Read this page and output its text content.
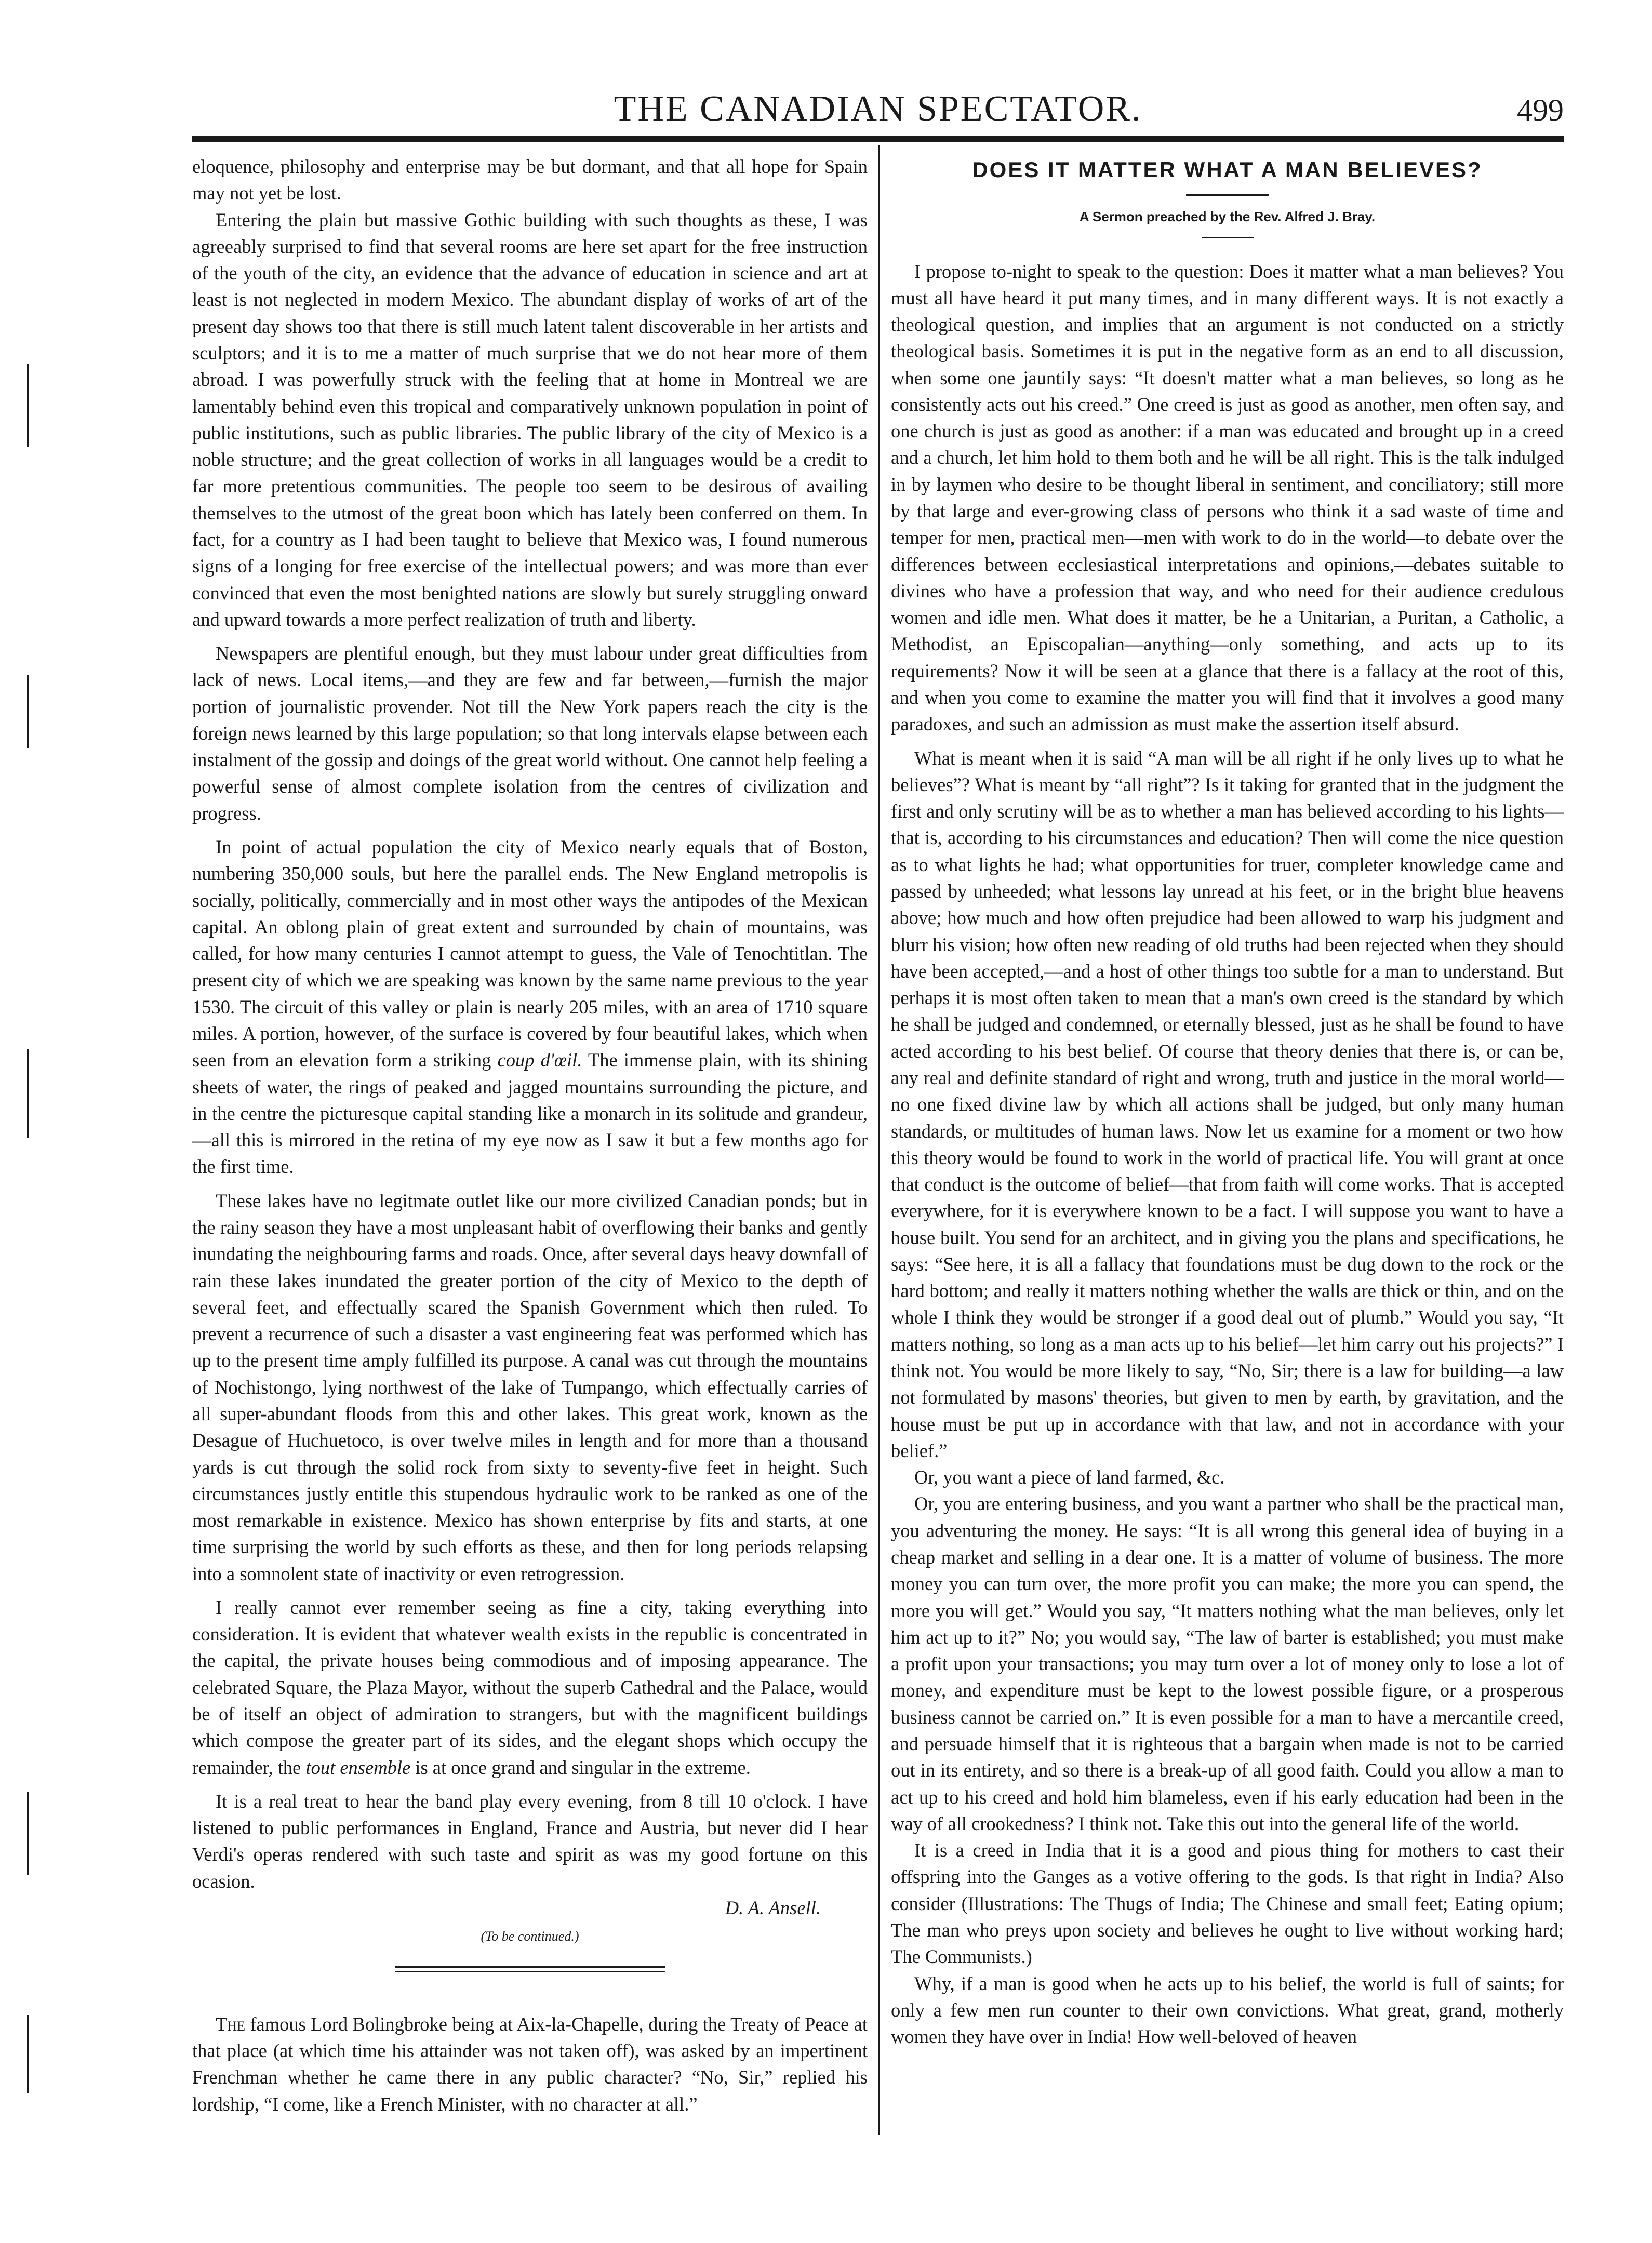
THE CANADIAN SPECTATOR.	499

eloquence, philosophy and enterprise may be but dormant, and that all hope for Spain may not yet be lost.

Entering the plain but massive Gothic building with such thoughts as these, I was agreeably surprised to find that several rooms are here set apart for the free instruction of the youth of the city, an evidence that the advance of education in science and art at least is not neglected in modern Mexico. The abundant display of works of art of the present day shows too that there is still much latent talent discoverable in her artists and sculptors; and it is to me a matter of much surprise that we do not hear more of them abroad. I was powerfully struck with the feeling that at home in Montreal we are lamentably behind even this tropical and comparatively unknown population in point of public institutions, such as public libraries. The public library of the city of Mexico is a noble structure; and the great collection of works in all languages would be a credit to far more pretentious communities. The people too seem to be desirous of availing themselves to the utmost of the great boon which has lately been conferred on them. In fact, for a country as I had been taught to believe that Mexico was, I found numerous signs of a longing for free exercise of the intellectual powers; and was more than ever convinced that even the most benighted nations are slowly but surely struggling onward and upward towards a more perfect realization of truth and liberty.

Newspapers are plentiful enough, but they must labour under great difficulties from lack of news. Local items,—and they are few and far between,—furnish the major portion of journalistic provender. Not till the New York papers reach the city is the foreign news learned by this large population; so that long intervals elapse between each instalment of the gossip and doings of the great world without. One cannot help feeling a powerful sense of almost complete isolation from the centres of civilization and progress.

In point of actual population the city of Mexico nearly equals that of Boston, numbering 350,000 souls, but here the parallel ends. The New England metropolis is socially, politically, commercially and in most other ways the antipodes of the Mexican capital. An oblong plain of great extent and surrounded by chain of mountains, was called, for how many centuries I cannot attempt to guess, the Vale of Tenochtitlan. The present city of which we are speaking was known by the same name previous to the year 1530. The circuit of this valley or plain is nearly 205 miles, with an area of 1710 square miles. A portion, however, of the surface is covered by four beautiful lakes, which when seen from an elevation form a striking coup d'œil. The immense plain, with its shining sheets of water, the rings of peaked and jagged mountains surrounding the picture, and in the centre the picturesque capital standing like a monarch in its solitude and grandeur,—all this is mirrored in the retina of my eye now as I saw it but a few months ago for the first time.

These lakes have no legitmate outlet like our more civilized Canadian ponds; but in the rainy season they have a most unpleasant habit of overflowing their banks and gently inundating the neighbouring farms and roads. Once, after several days heavy downfall of rain these lakes inundated the greater portion of the city of Mexico to the depth of several feet, and effectually scared the Spanish Government which then ruled. To prevent a recurrence of such a disaster a vast engineering feat was performed which has up to the present time amply fulfilled its purpose. A canal was cut through the mountains of Nochistongo, lying northwest of the lake of Tumpango, which effectually carries of all super-abundant floods from this and other lakes. This great work, known as the Desague of Huchuetoco, is over twelve miles in length and for more than a thousand yards is cut through the solid rock from sixty to seventy-five feet in height. Such circumstances justly entitle this stupendous hydraulic work to be ranked as one of the most remarkable in existence. Mexico has shown enterprise by fits and starts, at one time surprising the world by such efforts as these, and then for long periods relapsing into a somnolent state of inactivity or even retrogression.

I really cannot ever remember seeing as fine a city, taking everything into consideration. It is evident that whatever wealth exists in the republic is concentrated in the capital, the private houses being commodious and of imposing appearance. The celebrated Square, the Plaza Mayor, without the superb Cathedral and the Palace, would be of itself an object of admiration to strangers, but with the magnificent buildings which compose the greater part of its sides, and the elegant shops which occupy the remainder, the tout ensemble is at once grand and singular in the extreme.

It is a real treat to hear the band play every evening, from 8 till 10 o'clock. I have listened to public performances in England, France and Austria, but never did I hear Verdi's operas rendered with such taste and spirit as was my good fortune on this ocasion.

D. A. Ansell.
(To be continued.)

The famous Lord Bolingbroke being at Aix-la-Chapelle, during the Treaty of Peace at that place (at which time his attainder was not taken off), was asked by an impertinent Frenchman whether he came there in any public character? “No, Sir,” replied his lordship, “I come, like a French Minister, with no character at all.”

DOES IT MATTER WHAT A MAN BELIEVES?
A Sermon preached by the Rev. Alfred J. Bray.

I propose to-night to speak to the question: Does it matter what a man believes? You must all have heard it put many times, and in many different ways. It is not exactly a theological question, and implies that an argument is not conducted on a strictly theological basis. Sometimes it is put in the negative form as an end to all discussion, when some one jauntily says: “It doesn't matter what a man believes, so long as he consistently acts out his creed.” One creed is just as good as another, men often say, and one church is just as good as another: if a man was educated and brought up in a creed and a church, let him hold to them both and he will be all right. This is the talk indulged in by laymen who desire to be thought liberal in sentiment, and conciliatory; still more by that large and ever-growing class of persons who think it a sad waste of time and temper for men, practical men—men with work to do in the world—to debate over the differences between ecclesiastical interpretations and opinions,—debates suitable to divines who have a profession that way, and who need for their audience credulous women and idle men. What does it matter, be he a Unitarian, a Puritan, a Catholic, a Methodist, an Episcopalian—anything—only something, and acts up to its requirements? Now it will be seen at a glance that there is a fallacy at the root of this, and when you come to examine the matter you will find that it involves a good many paradoxes, and such an admission as must make the assertion itself absurd.

What is meant when it is said “A man will be all right if he only lives up to what he believes”? What is meant by “all right”? Is it taking for granted that in the judgment the first and only scrutiny will be as to whether a man has believed according to his lights—that is, according to his circumstances and education? Then will come the nice question as to what lights he had; what opportunities for truer, completer knowledge came and passed by unheeded; what lessons lay unread at his feet, or in the bright blue heavens above; how much and how often prejudice had been allowed to warp his judgment and blurr his vision; how often new reading of old truths had been rejected when they should have been accepted,—and a host of other things too subtle for a man to understand. But perhaps it is most often taken to mean that a man's own creed is the standard by which he shall be judged and condemned, or eternally blessed, just as he shall be found to have acted according to his best belief. Of course that theory denies that there is, or can be, any real and definite standard of right and wrong, truth and justice in the moral world—no one fixed divine law by which all actions shall be judged, but only many human standards, or multitudes of human laws. Now let us examine for a moment or two how this theory would be found to work in the world of practical life. You will grant at once that conduct is the outcome of belief—that from faith will come works. That is accepted everywhere, for it is everywhere known to be a fact. I will suppose you want to have a house built. You send for an architect, and in giving you the plans and specifications, he says: “See here, it is all a fallacy that foundations must be dug down to the rock or the hard bottom; and really it matters nothing whether the walls are thick or thin, and on the whole I think they would be stronger if a good deal out of plumb.” Would you say, “It matters nothing, so long as a man acts up to his belief—let him carry out his projects?” I think not. You would be more likely to say, “No, Sir; there is a law for building—a law not formulated by masons' theories, but given to men by earth, by gravitation, and the house must be put up in accordance with that law, and not in accordance with your belief.”

Or, you want a piece of land farmed, &c.

Or, you are entering business, and you want a partner who shall be the practical man, you adventuring the money. He says: “It is all wrong this general idea of buying in a cheap market and selling in a dear one. It is a matter of volume of business. The more money you can turn over, the more profit you can make; the more you can spend, the more you will get.” Would you say, “It matters nothing what the man believes, only let him act up to it?” No; you would say, “The law of barter is established; you must make a profit upon your transactions; you may turn over a lot of money only to lose a lot of money, and expenditure must be kept to the lowest possible figure, or a prosperous business cannot be carried on.” It is even possible for a man to have a mercantile creed, and persuade himself that it is righteous that a bargain when made is not to be carried out in its entirety, and so there is a break-up of all good faith. Could you allow a man to act up to his creed and hold him blameless, even if his early education had been in the way of all crookedness? I think not. Take this out into the general life of the world.

It is a creed in India that it is a good and pious thing for mothers to cast their offspring into the Ganges as a votive offering to the gods. Is that right in India? Also consider (Illustrations: The Thugs of India; The Chinese and small feet; Eating opium; The man who preys upon society and believes he ought to live without working hard; The Communists.)

Why, if a man is good when he acts up to his belief, the world is full of saints; for only a few men run counter to their own convictions. What great, grand, motherly women they have over in India! How well-beloved of heaven
